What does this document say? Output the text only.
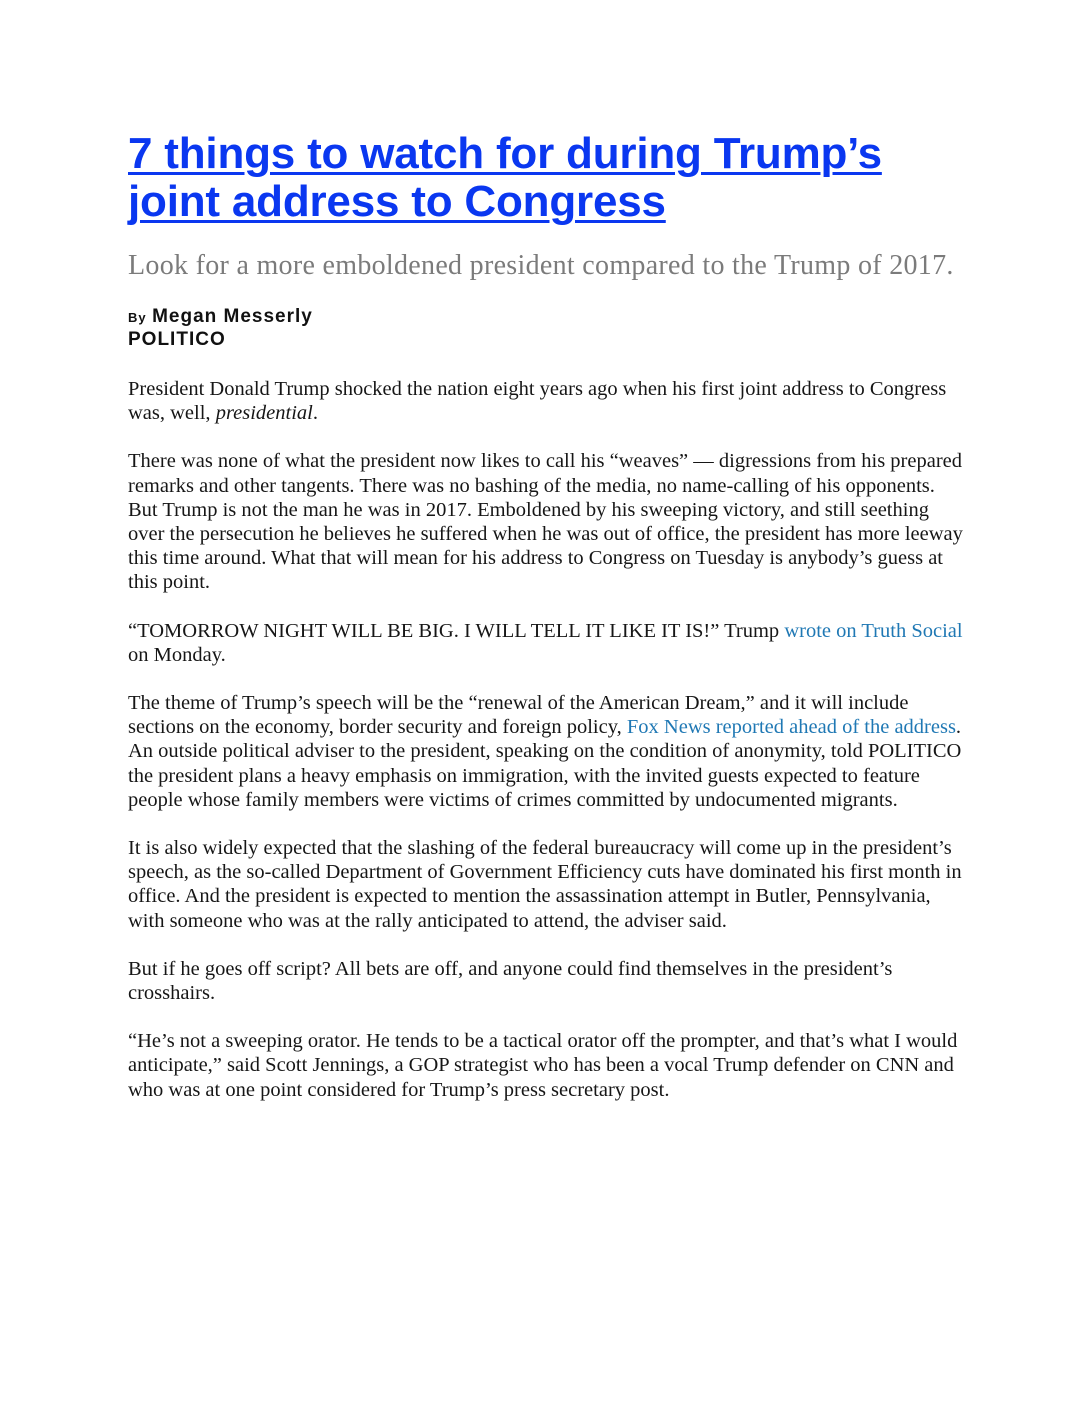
7 things to watch for during Trump’s joint address to Congress

Look for a more emboldened president compared to the Trump of 2017.

By Megan Messerly
POLITICO

President Donald Trump shocked the nation eight years ago when his first joint address to Congress was, well, presidential.

There was none of what the president now likes to call his “weaves” — digressions from his prepared remarks and other tangents. There was no bashing of the media, no name-calling of his opponents. But Trump is not the man he was in 2017. Emboldened by his sweeping victory, and still seething over the persecution he believes he suffered when he was out of office, the president has more leeway this time around. What that will mean for his address to Congress on Tuesday is anybody’s guess at this point.

“TOMORROW NIGHT WILL BE BIG. I WILL TELL IT LIKE IT IS!” Trump wrote on Truth Social on Monday.

The theme of Trump’s speech will be the “renewal of the American Dream,” and it will include sections on the economy, border security and foreign policy, Fox News reported ahead of the address. An outside political adviser to the president, speaking on the condition of anonymity, told POLITICO the president plans a heavy emphasis on immigration, with the invited guests expected to feature people whose family members were victims of crimes committed by undocumented migrants.

It is also widely expected that the slashing of the federal bureaucracy will come up in the president’s speech, as the so-called Department of Government Efficiency cuts have dominated his first month in office. And the president is expected to mention the assassination attempt in Butler, Pennsylvania, with someone who was at the rally anticipated to attend, the adviser said.

But if he goes off script? All bets are off, and anyone could find themselves in the president’s crosshairs.

“He’s not a sweeping orator. He tends to be a tactical orator off the prompter, and that’s what I would anticipate,” said Scott Jennings, a GOP strategist who has been a vocal Trump defender on CNN and who was at one point considered for Trump’s press secretary post.
